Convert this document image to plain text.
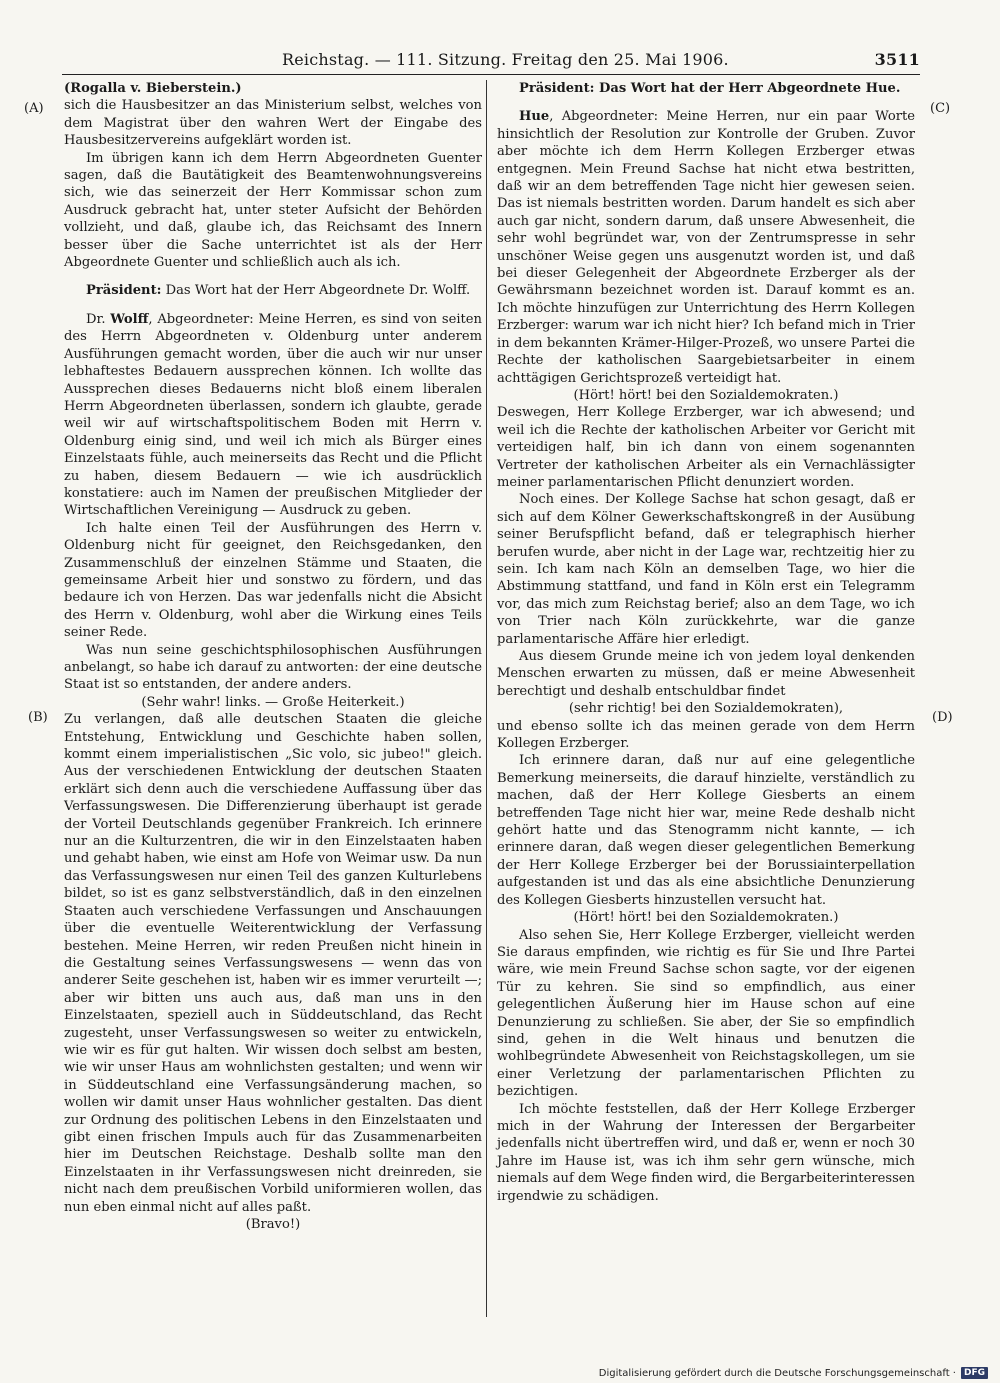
Reichstag. — 111. Sitzung. Freitag den 25. Mai 1906.	3511
(A)
(B)
(C)
(D)

(Rogalla v. Bieberstein.)

sich die Hausbesitzer an das Ministerium selbst, welches von dem Magistrat über den wahren Wert der Eingabe des Hausbesitzervereins aufgeklärt worden ist.

Im übrigen kann ich dem Herrn Abgeordneten Guenter sagen, daß die Bautätigkeit des Beamtenwohnungsvereins sich, wie das seinerzeit der Herr Kommissar schon zum Ausdruck gebracht hat, unter steter Aufsicht der Behörden vollzieht, und daß, glaube ich, das Reichsamt des Innern besser über die Sache unterrichtet ist als der Herr Abgeordnete Guenter und schließlich auch als ich.

Präsident: Das Wort hat der Herr Abgeordnete Dr. Wolff.

Dr. Wolff, Abgeordneter: Meine Herren, es sind von seiten des Herrn Abgeordneten v. Oldenburg unter anderem Ausführungen gemacht worden, über die auch wir nur unser lebhaftestes Bedauern aussprechen können. Ich wollte das Aussprechen dieses Bedauerns nicht bloß einem liberalen Herrn Abgeordneten überlassen, sondern ich glaubte, gerade weil wir auf wirtschaftspolitischem Boden mit Herrn v. Oldenburg einig sind, und weil ich mich als Bürger eines Einzelstaats fühle, auch meinerseits das Recht und die Pflicht zu haben, diesem Bedauern — wie ich ausdrücklich konstatiere: auch im Namen der preußischen Mitglieder der Wirtschaftlichen Vereinigung — Ausdruck zu geben.

Ich halte einen Teil der Ausführungen des Herrn v. Oldenburg nicht für geeignet, den Reichsgedanken, den Zusammenschluß der einzelnen Stämme und Staaten, die gemeinsame Arbeit hier und sonstwo zu fördern, und das bedaure ich von Herzen. Das war jedenfalls nicht die Absicht des Herrn v. Oldenburg, wohl aber die Wirkung eines Teils seiner Rede.

Was nun seine geschichtsphilosophischen Ausführungen anbelangt, so habe ich darauf zu antworten: der eine deutsche Staat ist so entstanden, der andere anders.

(Sehr wahr! links. — Große Heiterkeit.)

Zu verlangen, daß alle deutschen Staaten die gleiche Entstehung, Entwicklung und Geschichte haben sollen, kommt einem imperialistischen „Sic volo, sic jubeo!" gleich. Aus der verschiedenen Entwicklung der deutschen Staaten erklärt sich denn auch die verschiedene Auffassung über das Verfassungswesen. Die Differenzierung überhaupt ist gerade der Vorteil Deutschlands gegenüber Frankreich. Ich erinnere nur an die Kulturzentren, die wir in den Einzelstaaten haben und gehabt haben, wie einst am Hofe von Weimar usw. Da nun das Verfassungswesen nur einen Teil des ganzen Kulturlebens bildet, so ist es ganz selbstverständlich, daß in den einzelnen Staaten auch verschiedene Verfassungen und Anschauungen über die eventuelle Weiterentwicklung der Verfassung bestehen. Meine Herren, wir reden Preußen nicht hinein in die Gestaltung seines Verfassungswesens — wenn das von anderer Seite geschehen ist, haben wir es immer verurteilt —; aber wir bitten uns auch aus, daß man uns in den Einzelstaaten, speziell auch in Süddeutschland, das Recht zugesteht, unser Verfassungswesen so weiter zu entwickeln, wie wir es für gut halten. Wir wissen doch selbst am besten, wie wir unser Haus am wohnlichsten gestalten; und wenn wir in Süddeutschland eine Verfassungsänderung machen, so wollen wir damit unser Haus wohnlicher gestalten. Das dient zur Ordnung des politischen Lebens in den Einzelstaaten und gibt einen frischen Impuls auch für das Zusammenarbeiten hier im Deutschen Reichstage. Deshalb sollte man den Einzelstaaten in ihr Verfassungswesen nicht dreinreden, sie nicht nach dem preußischen Vorbild uniformieren wollen, das nun eben einmal nicht auf alles paßt.

(Bravo!)

Präsident: Das Wort hat der Herr Abgeordnete Hue.

Hue, Abgeordneter: Meine Herren, nur ein paar Worte hinsichtlich der Resolution zur Kontrolle der Gruben. Zuvor aber möchte ich dem Herrn Kollegen Erzberger etwas entgegnen. Mein Freund Sachse hat nicht etwa bestritten, daß wir an dem betreffenden Tage nicht hier gewesen seien. Das ist niemals bestritten worden. Darum handelt es sich aber auch gar nicht, sondern darum, daß unsere Abwesenheit, die sehr wohl begründet war, von der Zentrumspresse in sehr unschöner Weise gegen uns ausgenutzt worden ist, und daß bei dieser Gelegenheit der Abgeordnete Erzberger als der Gewährsmann bezeichnet worden ist. Darauf kommt es an. Ich möchte hinzufügen zur Unterrichtung des Herrn Kollegen Erzberger: warum war ich nicht hier? Ich befand mich in Trier in dem bekannten Krämer-Hilger-Prozeß, wo unsere Partei die Rechte der katholischen Saargebietsarbeiter in einem achttägigen Gerichtsprozeß verteidigt hat.

(Hört! hört! bei den Sozialdemokraten.)

Deswegen, Herr Kollege Erzberger, war ich abwesend; und weil ich die Rechte der katholischen Arbeiter vor Gericht mit verteidigen half, bin ich dann von einem sogenannten Vertreter der katholischen Arbeiter als ein Vernachlässigter meiner parlamentarischen Pflicht denunziert worden.

Noch eines. Der Kollege Sachse hat schon gesagt, daß er sich auf dem Kölner Gewerkschaftskongreß in der Ausübung seiner Berufspflicht befand, daß er telegraphisch hierher berufen wurde, aber nicht in der Lage war, rechtzeitig hier zu sein. Ich kam nach Köln an demselben Tage, wo hier die Abstimmung stattfand, und fand in Köln erst ein Telegramm vor, das mich zum Reichstag berief; also an dem Tage, wo ich von Trier nach Köln zurückkehrte, war die ganze parlamentarische Affäre hier erledigt.

Aus diesem Grunde meine ich von jedem loyal denkenden Menschen erwarten zu müssen, daß er meine Abwesenheit berechtigt und deshalb entschuldbar findet

(sehr richtig! bei den Sozialdemokraten),

und ebenso sollte ich das meinen gerade von dem Herrn Kollegen Erzberger.

Ich erinnere daran, daß nur auf eine gelegentliche Bemerkung meinerseits, die darauf hinzielte, verständlich zu machen, daß der Herr Kollege Giesberts an einem betreffenden Tage nicht hier war, meine Rede deshalb nicht gehört hatte und das Stenogramm nicht kannte, — ich erinnere daran, daß wegen dieser gelegentlichen Bemerkung der Herr Kollege Erzberger bei der Borussiainterpellation aufgestanden ist und das als eine absichtliche Denunzierung des Kollegen Giesberts hinzustellen versucht hat.

(Hört! hört! bei den Sozialdemokraten.)

Also sehen Sie, Herr Kollege Erzberger, vielleicht werden Sie daraus empfinden, wie richtig es für Sie und Ihre Partei wäre, wie mein Freund Sachse schon sagte, vor der eigenen Tür zu kehren. Sie sind so empfindlich, aus einer gelegentlichen Äußerung hier im Hause schon auf eine Denunzierung zu schließen. Sie aber, der Sie so empfindlich sind, gehen in die Welt hinaus und benutzen die wohlbegründete Abwesenheit von Reichstagskollegen, um sie einer Verletzung der parlamentarischen Pflichten zu bezichtigen.

Ich möchte feststellen, daß der Herr Kollege Erzberger mich in der Wahrung der Interessen der Bergarbeiter jedenfalls nicht übertreffen wird, und daß er, wenn er noch 30 Jahre im Hause ist, was ich ihm sehr gern wünsche, mich niemals auf dem Wege finden wird, die Bergarbeiterinteressen irgendwie zu schädigen.

Digitalisierung gefördert durch die Deutsche Forschungsgemeinschaft · DFG
